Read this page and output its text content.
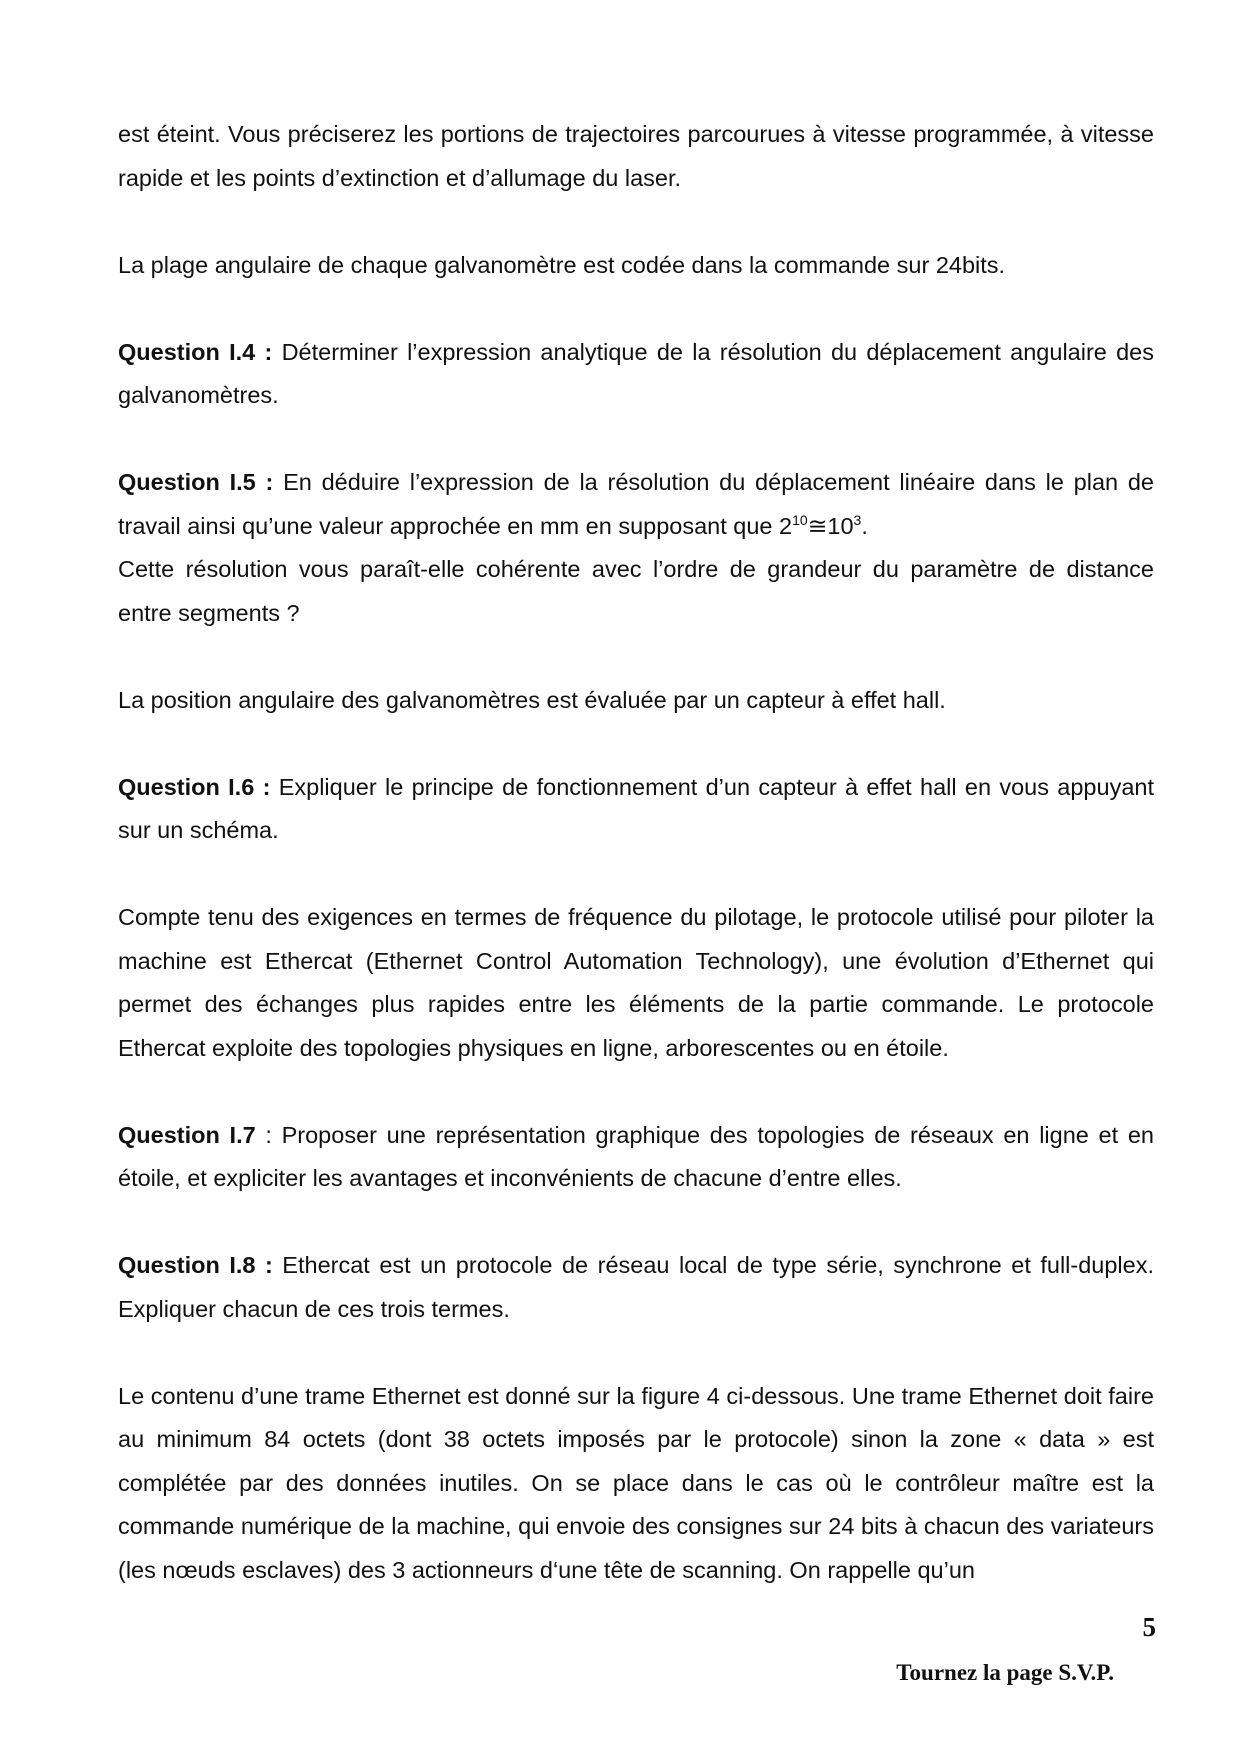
est éteint. Vous préciserez les portions de trajectoires parcourues à vitesse programmée, à vitesse rapide et les points d’extinction et d’allumage du laser.

La plage angulaire de chaque galvanomètre est codée dans la commande sur 24bits.

Question I.4 : Déterminer l’expression analytique de la résolution du déplacement angulaire des galvanomètres.

Question I.5 : En déduire l’expression de la résolution du déplacement linéaire dans le plan de travail ainsi qu’une valeur approchée en mm en supposant que $2^{10}≅10^3$.

Cette résolution vous paraît-elle cohérente avec l’ordre de grandeur du paramètre de distance entre segments ?

La position angulaire des galvanomètres est évaluée par un capteur à effet hall.

Question I.6 : Expliquer le principe de fonctionnement d’un capteur à effet hall en vous appuyant sur un schéma.

Compte tenu des exigences en termes de fréquence du pilotage, le protocole utilisé pour piloter la machine est Ethercat (Ethernet Control Automation Technology), une évolution d’Ethernet qui permet des échanges plus rapides entre les éléments de la partie commande. Le protocole Ethercat exploite des topologies physiques en ligne, arborescentes ou en étoile.

Question I.7 : Proposer une représentation graphique des topologies de réseaux en ligne et en étoile, et expliciter les avantages et inconvénients de chacune d’entre elles.

Question I.8 : Ethercat est un protocole de réseau local de type série, synchrone et full-duplex. Expliquer chacun de ces trois termes.

Le contenu d’une trame Ethernet est donné sur la figure 4 ci-dessous. Une trame Ethernet doit faire au minimum 84 octets (dont 38 octets imposés par le protocole) sinon la zone « data » est complétée par des données inutiles. On se place dans le cas où le contrôleur maître est la commande numérique de la machine, qui envoie des consignes sur 24 bits à chacun des variateurs (les nœuds esclaves) des 3 actionneurs d‘une tête de scanning. On rappelle qu’un

5
Tournez la page S.V.P.
